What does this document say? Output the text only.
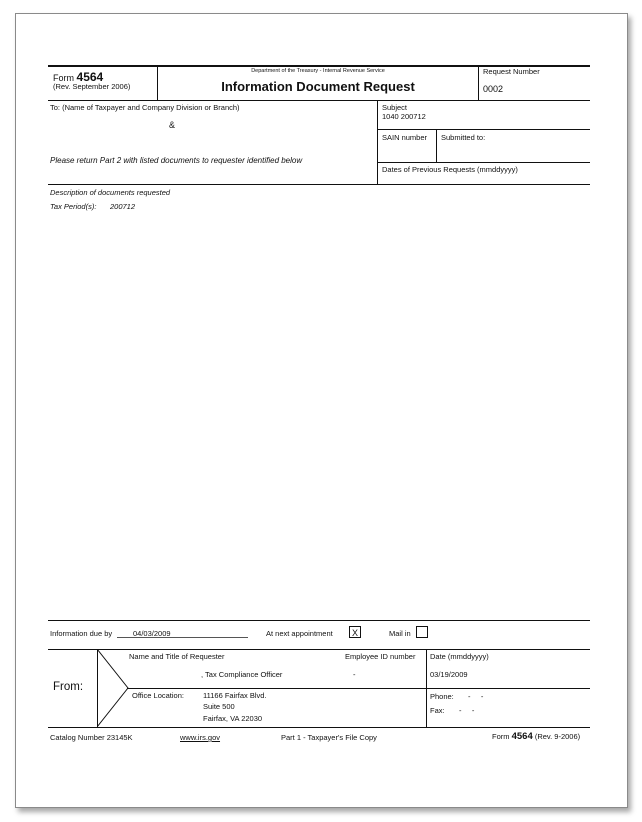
Form 4564
(Rev. September 2006)
Department of the Treasury - Internal Revenue Service
Information Document Request
Request Number
0002
To: (Name of Taxpayer and Company Division or Branch)
&
Please return Part 2 with listed documents to requester identified below
Subject
1040 200712
SAIN number Submitted to:
Dates of Previous Requests (mmddyyyy)
Description of documents requested
Tax Period(s): 200712
Information due by	04/03/2009	At next appointment	X	Mail in
From:
Name and Title of Requester
, Tax Compliance Officer
Employee ID number
-
Date (mmddyyyy)
03/19/2009
Office Location:	11166 Fairfax Blvd.
Suite 500
Fairfax, VA 22030
Phone: -     -
Fax: -     -
Catalog Number 23145K	www.irs.gov	Part 1 - Taxpayer's File Copy	Form 4564 (Rev. 9-2006)
